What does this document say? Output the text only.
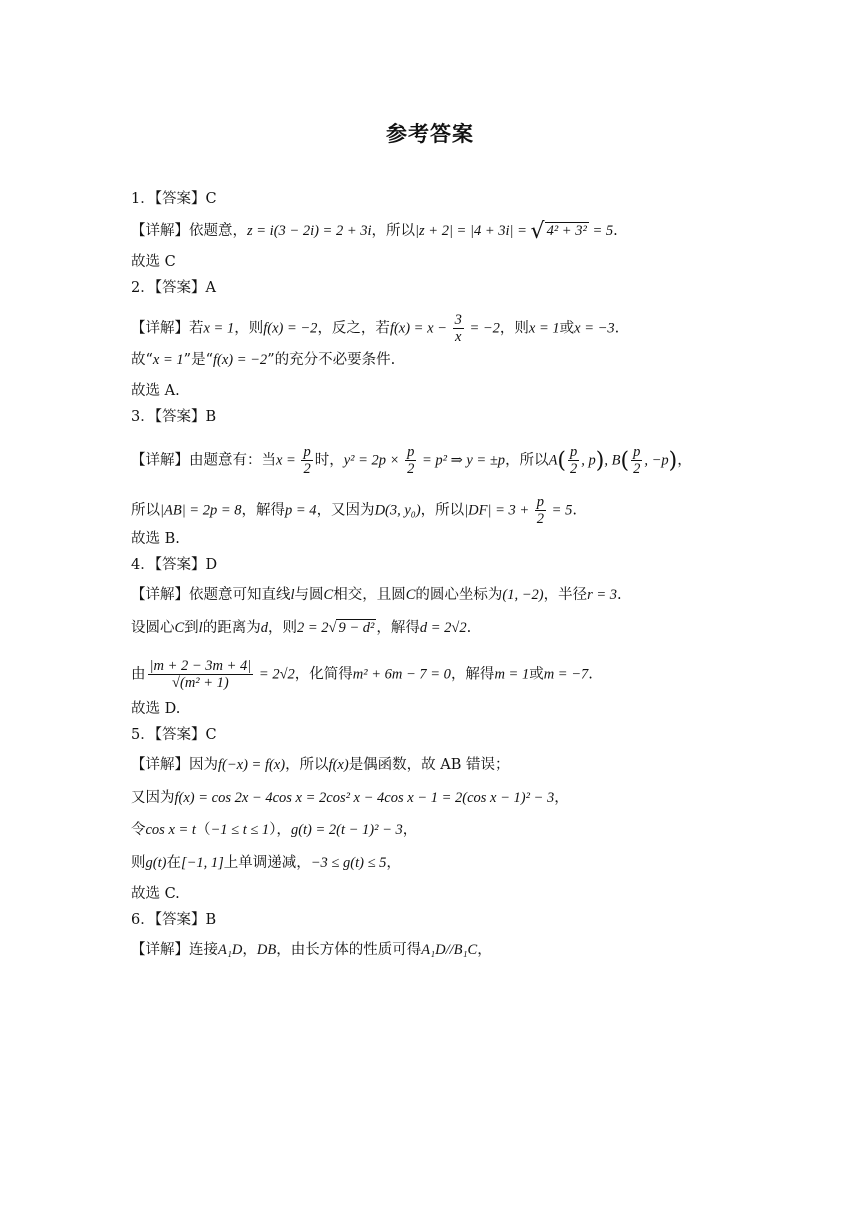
参考答案
1．【答案】C
【详解】依题意，z = i(3 − 2i) = 2 + 3i，所以|z + 2| = |4 + 3i| = √ 4² + 3² = 5.
故选 C
2．【答案】A
【详解】若x = 1，则f(x) = −2，反之，若$f(x) = x - \frac{3}{x} = -2$，则x = 1或x = −3.
故“x = 1”是“f(x) = −2”的充分不必要条件.
故选 A.
3．【答案】B
【详解】由题意有：当$x = \frac{p}{2}$ 时，$y^2 = 2p \times \frac{p}{2} = p^2$ ⇒ y = ±p，所以$A( \frac{p}{2}$ , p), $B( \frac{p}{2}$ , −p)，
所以|AB| = 2p = 8，解得p = 4，又因为D(3, y₀)，所以$|DF| = 3 + \frac{p}{2} = 5$.
故选 B.
4．【答案】D
【详解】依题意可知直线l与圆C相交，且圆C的圆心坐标为(1, −2)，半径r = 3.
设圆心C到l的距离为d，则2 = 2√ 9 − d² ，解得d = 2√2.
由 $\frac{|m + 2 - 3m + 4|}{\text{√(m² + 1)}} = 2√2$，化简得m² + 6m − 7 = 0，解得m = 1或m = −7.
故选 D.
5．【答案】C
【详解】因为f(−x) = f(x)，所以f(x)是偶函数，故 AB 错误；
又因为f(x) = cos 2x − 4cos x = 2cos² x − 4cos x − 1 = 2(cos x − 1)² − 3，
令cos x = t（−1 ≤ t ≤ 1），g(t) = 2(t − 1)² − 3，
则g(t)在[−1, 1]上单调递减，−3 ≤ g(t) ≤ 5，
故选 C.
6．【答案】B
【详解】连接A₁D，DB，由长方体的性质可得A₁D//B₁C，
